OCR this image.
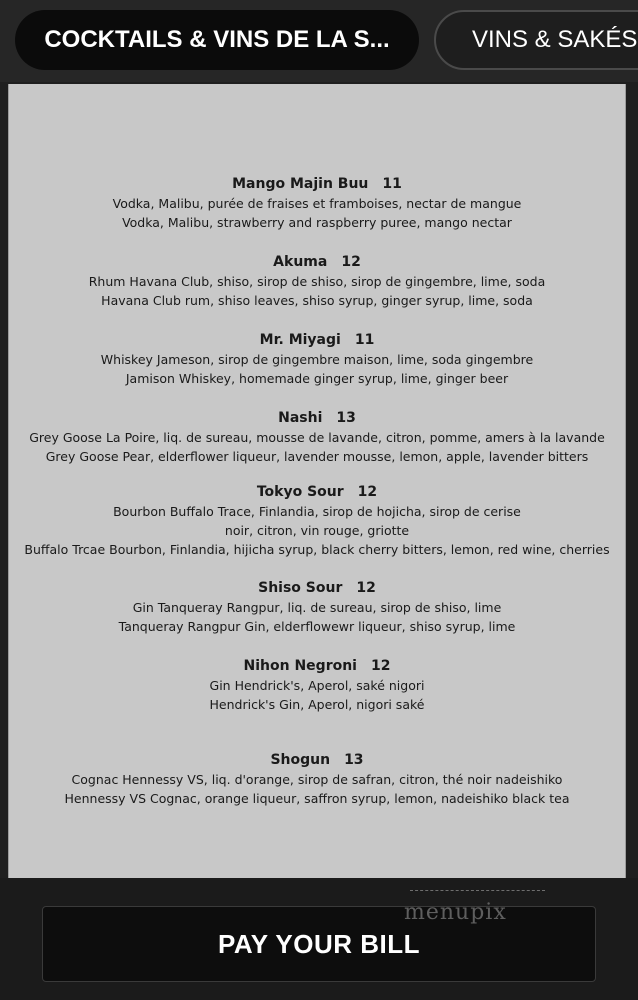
COCKTAILS & VINS DE LA S...	VINS & SAKÉS
Mango Majin Buu 11
Vodka, Malibu, purée de fraises et framboises, nectar de mangue
Vodka, Malibu, strawberry and raspberry puree, mango nectar
Akuma 12
Rhum Havana Club, shiso, sirop de shiso, sirop de gingembre, lime, soda
Havana Club rum, shiso leaves, shiso syrup, ginger syrup, lime, soda
Mr. Miyagi 11
Whiskey Jameson, sirop de gingembre maison, lime, soda gingembre
Jamison Whiskey, homemade ginger syrup, lime, ginger beer
Nashi 13
Grey Goose La Poire, liq. de sureau, mousse de lavande, citron, pomme, amers à la lavande
Grey Goose Pear, elderflower liqueur, lavender mousse, lemon, apple, lavender bitters
Tokyo Sour 12
Bourbon Buffalo Trace, Finlandia, sirop de hojicha, sirop de cerise noir, citron, vin rouge, griotte
Buffalo Trcae Bourbon, Finlandia, hijicha syrup, black cherry bitters, lemon, red wine, cherries
Shiso Sour 12
Gin Tanqueray Rangpur, liq. de sureau, sirop de shiso, lime
Tanqueray Rangpur Gin, elderflowewr liqueur, shiso syrup, lime
Nihon Negroni 12
Gin Hendrick's, Aperol, saké nigori
Hendrick's Gin, Aperol, nigori saké
Shogun 13
Cognac Hennessy VS, liq. d'orange, sirop de safran, citron, thé noir nadeishiko
Hennessy VS Cognac, orange liqueur, saffron syrup, lemon, nadeishiko black tea
PAY YOUR BILL
menupix
